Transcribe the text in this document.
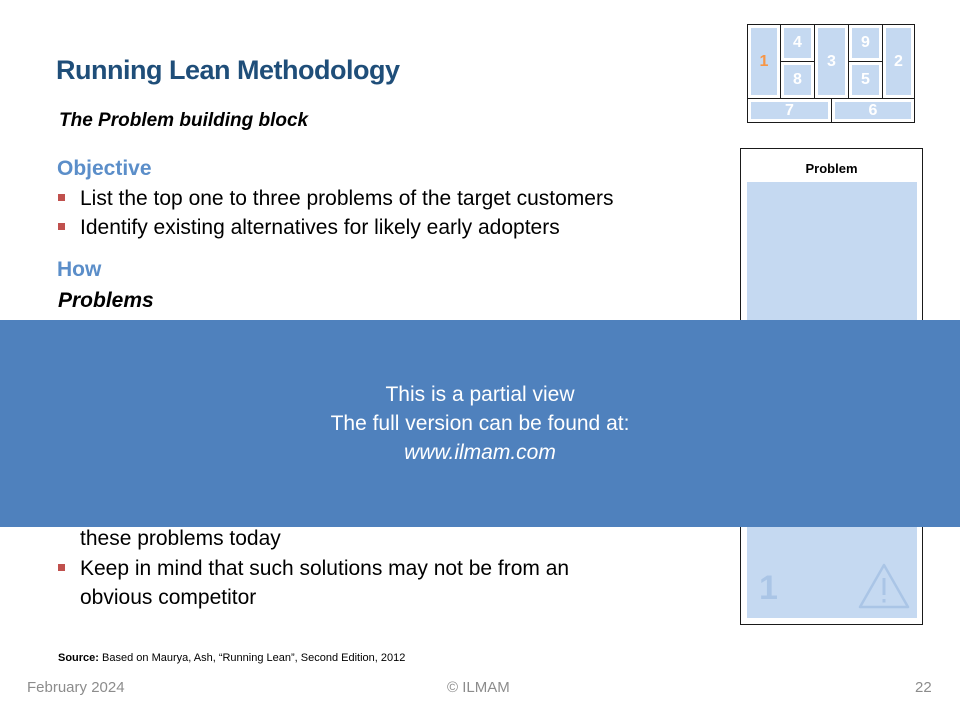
Running Lean Methodology
The Problem building block
Objective
List the top one to three problems of the target customers
Identify existing alternatives for likely early adopters
How
Problems
these problems today
Keep in mind that such solutions may not be from an
obvious competitor
1
4
8
3
9
5
2
7	6
Problem
1
This is a partial view
The full version can be found at:
www.ilmam.com
Source: Based on Maurya, Ash, “Running Lean”, Second Edition, 2012
February 2024	© ILMAM	22
